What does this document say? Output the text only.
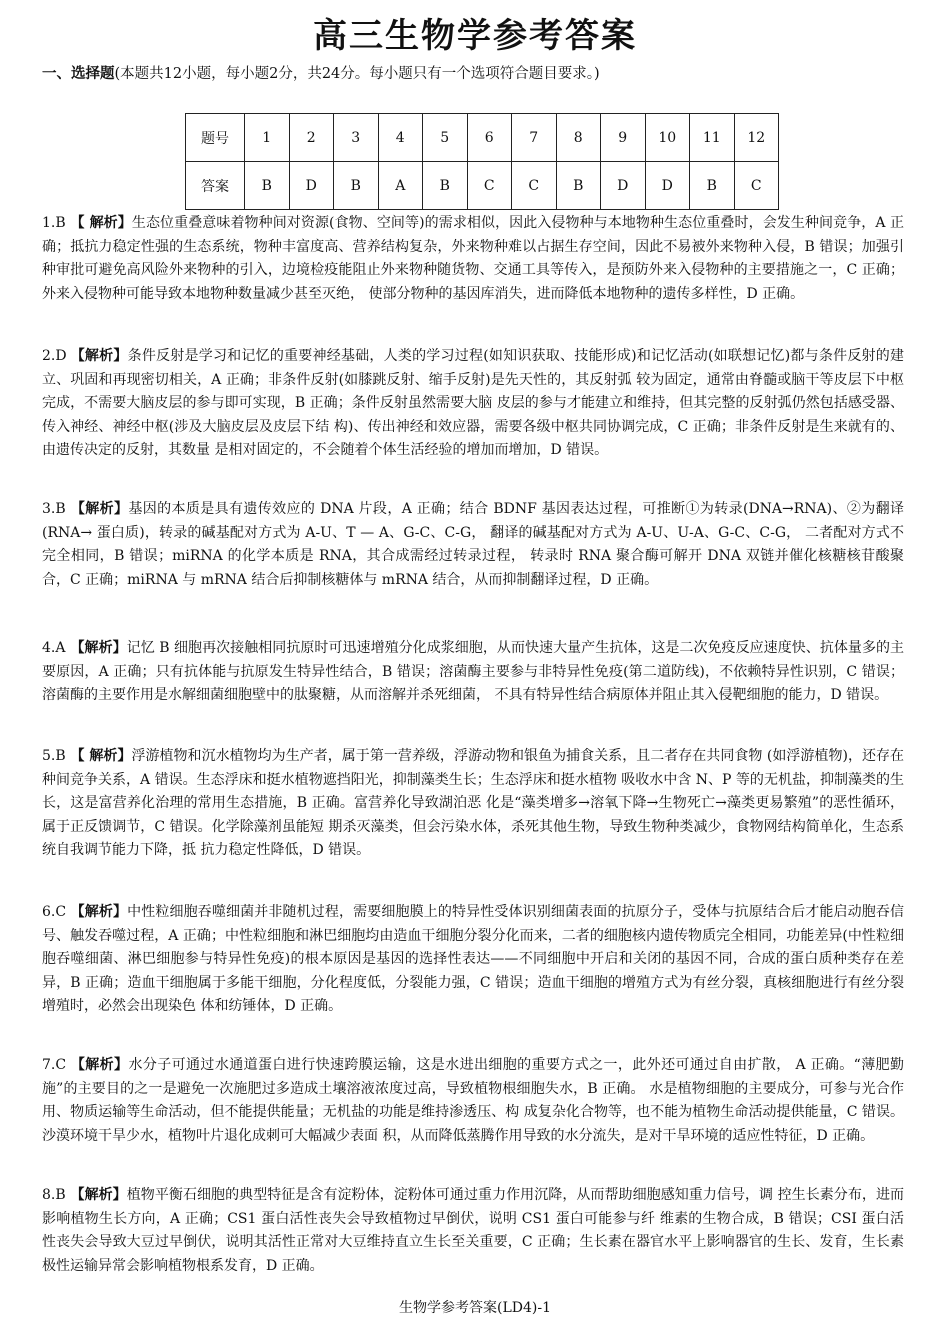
高三生物学参考答案
一、选择题(本题共12小题，每小题2分，共24分。每小题只有一个选项符合题目要求。)
题号	1	2	3	4	5	6	7	8	9	10	11	12
答案	B	D	B	A	B	C	C	B	D	D	B	C
1.B 【 解析】生态位重叠意味着物种间对资源(食物、空间等)的需求相似，因此入侵物种与本地物种生态位重叠时，会发生种间竞争，A 正确；抵抗力稳定性强的生态系统，物种丰富度高、营养结构复杂，外来物种难以占据生存空间，因此不易被外来物种入侵，B 错误；加强引种审批可避免高风险外来物种的引入，边境检疫能阻止外来物种随货物、交通工具等传入，是预防外来入侵物种的主要措施之一，C 正确；外来入侵物种可能导致本地物种数量减少甚至灭绝， 使部分物种的基因库消失，进而降低本地物种的遗传多样性，D 正确。
2.D 【解析】条件反射是学习和记忆的重要神经基础，人类的学习过程(如知识获取、技能形成)和记忆活动(如联想记忆)都与条件反射的建立、巩固和再现密切相关，A 正确；非条件反射(如膝跳反射、缩手反射)是先天性的，其反射弧 较为固定，通常由脊髓或脑干等皮层下中枢完成，不需要大脑皮层的参与即可实现，B 正确；条件反射虽然需要大脑 皮层的参与才能建立和维持，但其完整的反射弧仍然包括感受器、传入神经、神经中枢(涉及大脑皮层及皮层下结 构)、传出神经和效应器，需要各级中枢共同协调完成，C 正确；非条件反射是生来就有的、由遗传决定的反射，其数量 是相对固定的，不会随着个体生活经验的增加而增加，D 错误。
3.B 【解析】基因的本质是具有遗传效应的 DNA 片段，A 正确；结合 BDNF 基因表达过程，可推断①为转录(DNA→RNA)、②为翻译(RNA→ 蛋白质)，转录的碱基配对方式为 A-U、T — A、G-C、C-G， 翻译的碱基配对方式为 A-U、U-A、G-C、C-G， 二者配对方式不完全相同，B 错误；miRNA 的化学本质是 RNA，其合成需经过转录过程， 转录时 RNA 聚合酶可解开 DNA 双链并催化核糖核苷酸聚合，C 正确；miRNA 与 mRNA 结合后抑制核糖体与 mRNA 结合，从而抑制翻译过程，D 正确。
4.A 【解析】记忆 B 细胞再次接触相同抗原时可迅速增殖分化成浆细胞，从而快速大量产生抗体，这是二次免疫反应速度快、抗体量多的主要原因，A 正确；只有抗体能与抗原发生特异性结合，B 错误；溶菌酶主要参与非特异性免疫(第二道防线)，不依赖特异性识别，C 错误；溶菌酶的主要作用是水解细菌细胞壁中的肽聚糖，从而溶解并杀死细菌， 不具有特异性结合病原体并阻止其入侵靶细胞的能力，D 错误。
5.B 【 解析】浮游植物和沉水植物均为生产者，属于第一营养级，浮游动物和银鱼为捕食关系，且二者存在共同食物 (如浮游植物)，还存在种间竞争关系，A 错误。生态浮床和挺水植物遮挡阳光，抑制藻类生长；生态浮床和挺水植物 吸收水中含 N、P 等的无机盐，抑制藻类的生长，这是富营养化治理的常用生态措施，B 正确。富营养化导致湖泊恶 化是“藻类增多→溶氧下降→生物死亡→藻类更易繁殖”的恶性循环，属于正反馈调节，C 错误。化学除藻剂虽能短 期杀灭藻类，但会污染水体，杀死其他生物，导致生物种类减少，食物网结构简单化，生态系统自我调节能力下降，抵 抗力稳定性降低，D 错误。
6.C 【解析】中性粒细胞吞噬细菌并非随机过程，需要细胞膜上的特异性受体识别细菌表面的抗原分子，受体与抗原结合后才能启动胞吞信号、触发吞噬过程，A 正确；中性粒细胞和淋巴细胞均由造血干细胞分裂分化而来，二者的细胞核内遗传物质完全相同，功能差异(中性粒细胞吞噬细菌、淋巴细胞参与特异性免疫)的根本原因是基因的选择性表达——不同细胞中开启和关闭的基因不同，合成的蛋白质种类存在差异，B 正确；造血干细胞属于多能干细胞，分化程度低，分裂能力强，C 错误；造血干细胞的增殖方式为有丝分裂，真核细胞进行有丝分裂增殖时，必然会出现染色 体和纺锤体，D 正确。
7.C 【解析】水分子可通过水通道蛋白进行快速跨膜运输，这是水进出细胞的重要方式之一，此外还可通过自由扩散， A 正确。“薄肥勤施”的主要目的之一是避免一次施肥过多造成土壤溶液浓度过高，导致植物根细胞失水，B 正确。 水是植物细胞的主要成分，可参与光合作用、物质运输等生命活动，但不能提供能量；无机盐的功能是维持渗透压、构 成复杂化合物等，也不能为植物生命活动提供能量，C 错误。沙漠环境干旱少水，植物叶片退化成刺可大幅减少表面 积，从而降低蒸腾作用导致的水分流失，是对干旱环境的适应性特征，D 正确。
8.B 【解析】植物平衡石细胞的典型特征是含有淀粉体，淀粉体可通过重力作用沉降，从而帮助细胞感知重力信号，调 控生长素分布，进而影响植物生长方向，A 正确；CS1 蛋白活性丧失会导致植物过早倒伏，说明 CS1 蛋白可能参与纤 维素的生物合成，B 错误；CSI 蛋白活性丧失会导致大豆过早倒伏，说明其活性正常对大豆维持直立生长至关重要，C 正确；生长素在器官水平上影响器官的生长、发育，生长素极性运输异常会影响植物根系发育，D 正确。
生物学参考答案(LD4)-1
